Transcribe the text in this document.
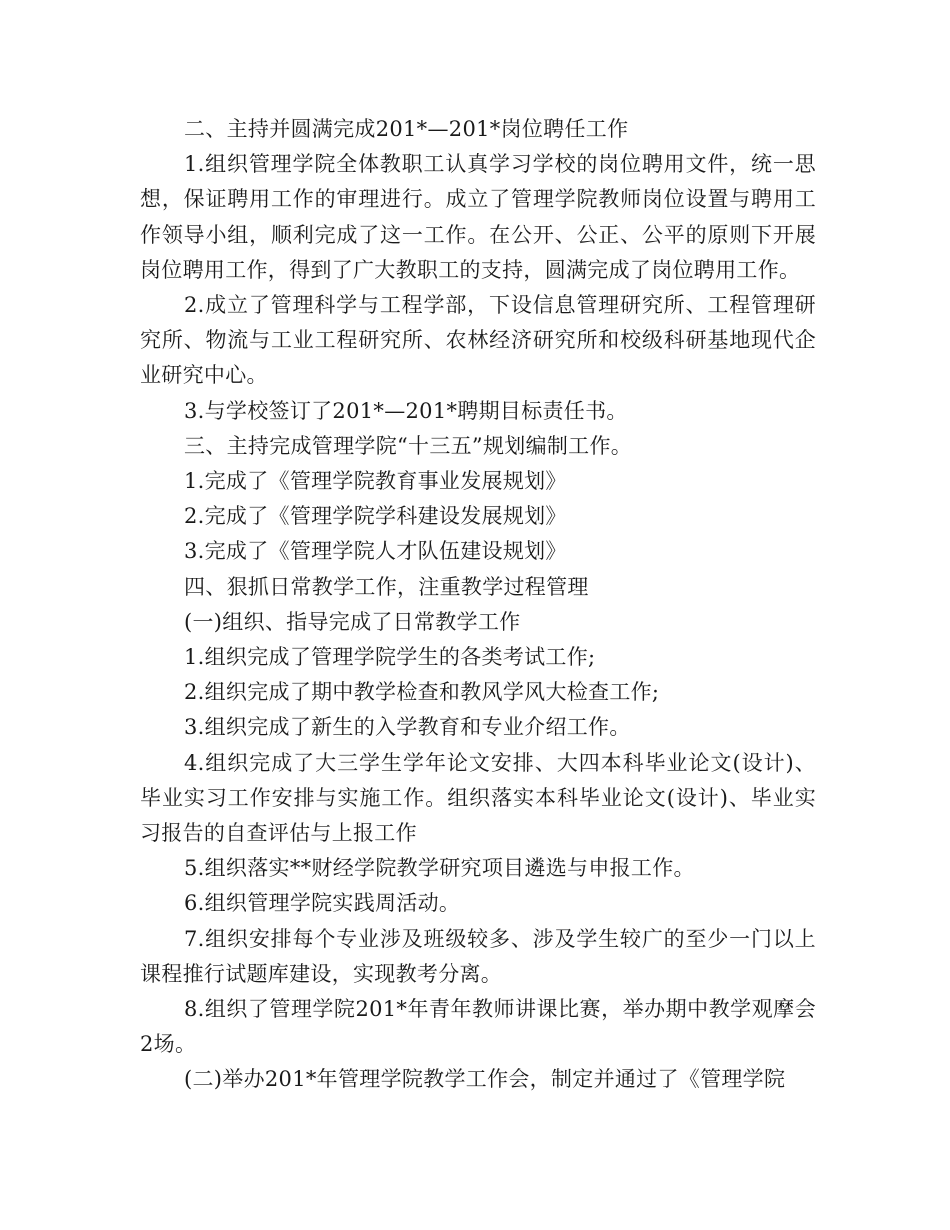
二、主持并圆满完成201*—201*岗位聘任工作

1.组织管理学院全体教职工认真学习学校的岗位聘用文件，统一思想，保证聘用工作的审理进行。成立了管理学院教师岗位设置与聘用工作领导小组，顺利完成了这一工作。在公开、公正、公平的原则下开展岗位聘用工作，得到了广大教职工的支持，圆满完成了岗位聘用工作。

2.成立了管理科学与工程学部，下设信息管理研究所、工程管理研究所、物流与工业工程研究所、农林经济研究所和校级科研基地现代企业研究中心。

3.与学校签订了201*—201*聘期目标责任书。

三、主持完成管理学院“十三五”规划编制工作。

1.完成了《管理学院教育事业发展规划》

2.完成了《管理学院学科建设发展规划》

3.完成了《管理学院人才队伍建设规划》

四、狠抓日常教学工作，注重教学过程管理

(一)组织、指导完成了日常教学工作

1.组织完成了管理学院学生的各类考试工作;

2.组织完成了期中教学检查和教风学风大检查工作;

3.组织完成了新生的入学教育和专业介绍工作。

4.组织完成了大三学生学年论文安排、大四本科毕业论文(设计)、毕业实习工作安排与实施工作。组织落实本科毕业论文(设计)、毕业实习报告的自查评估与上报工作

5.组织落实**财经学院教学研究项目遴选与申报工作。

6.组织管理学院实践周活动。

7.组织安排每个专业涉及班级较多、涉及学生较广的至少一门以上课程推行试题库建设，实现教考分离。

8.组织了管理学院201*年青年教师讲课比赛，举办期中教学观摩会2场。

(二)举办201*年管理学院教学工作会，制定并通过了《管理学院
